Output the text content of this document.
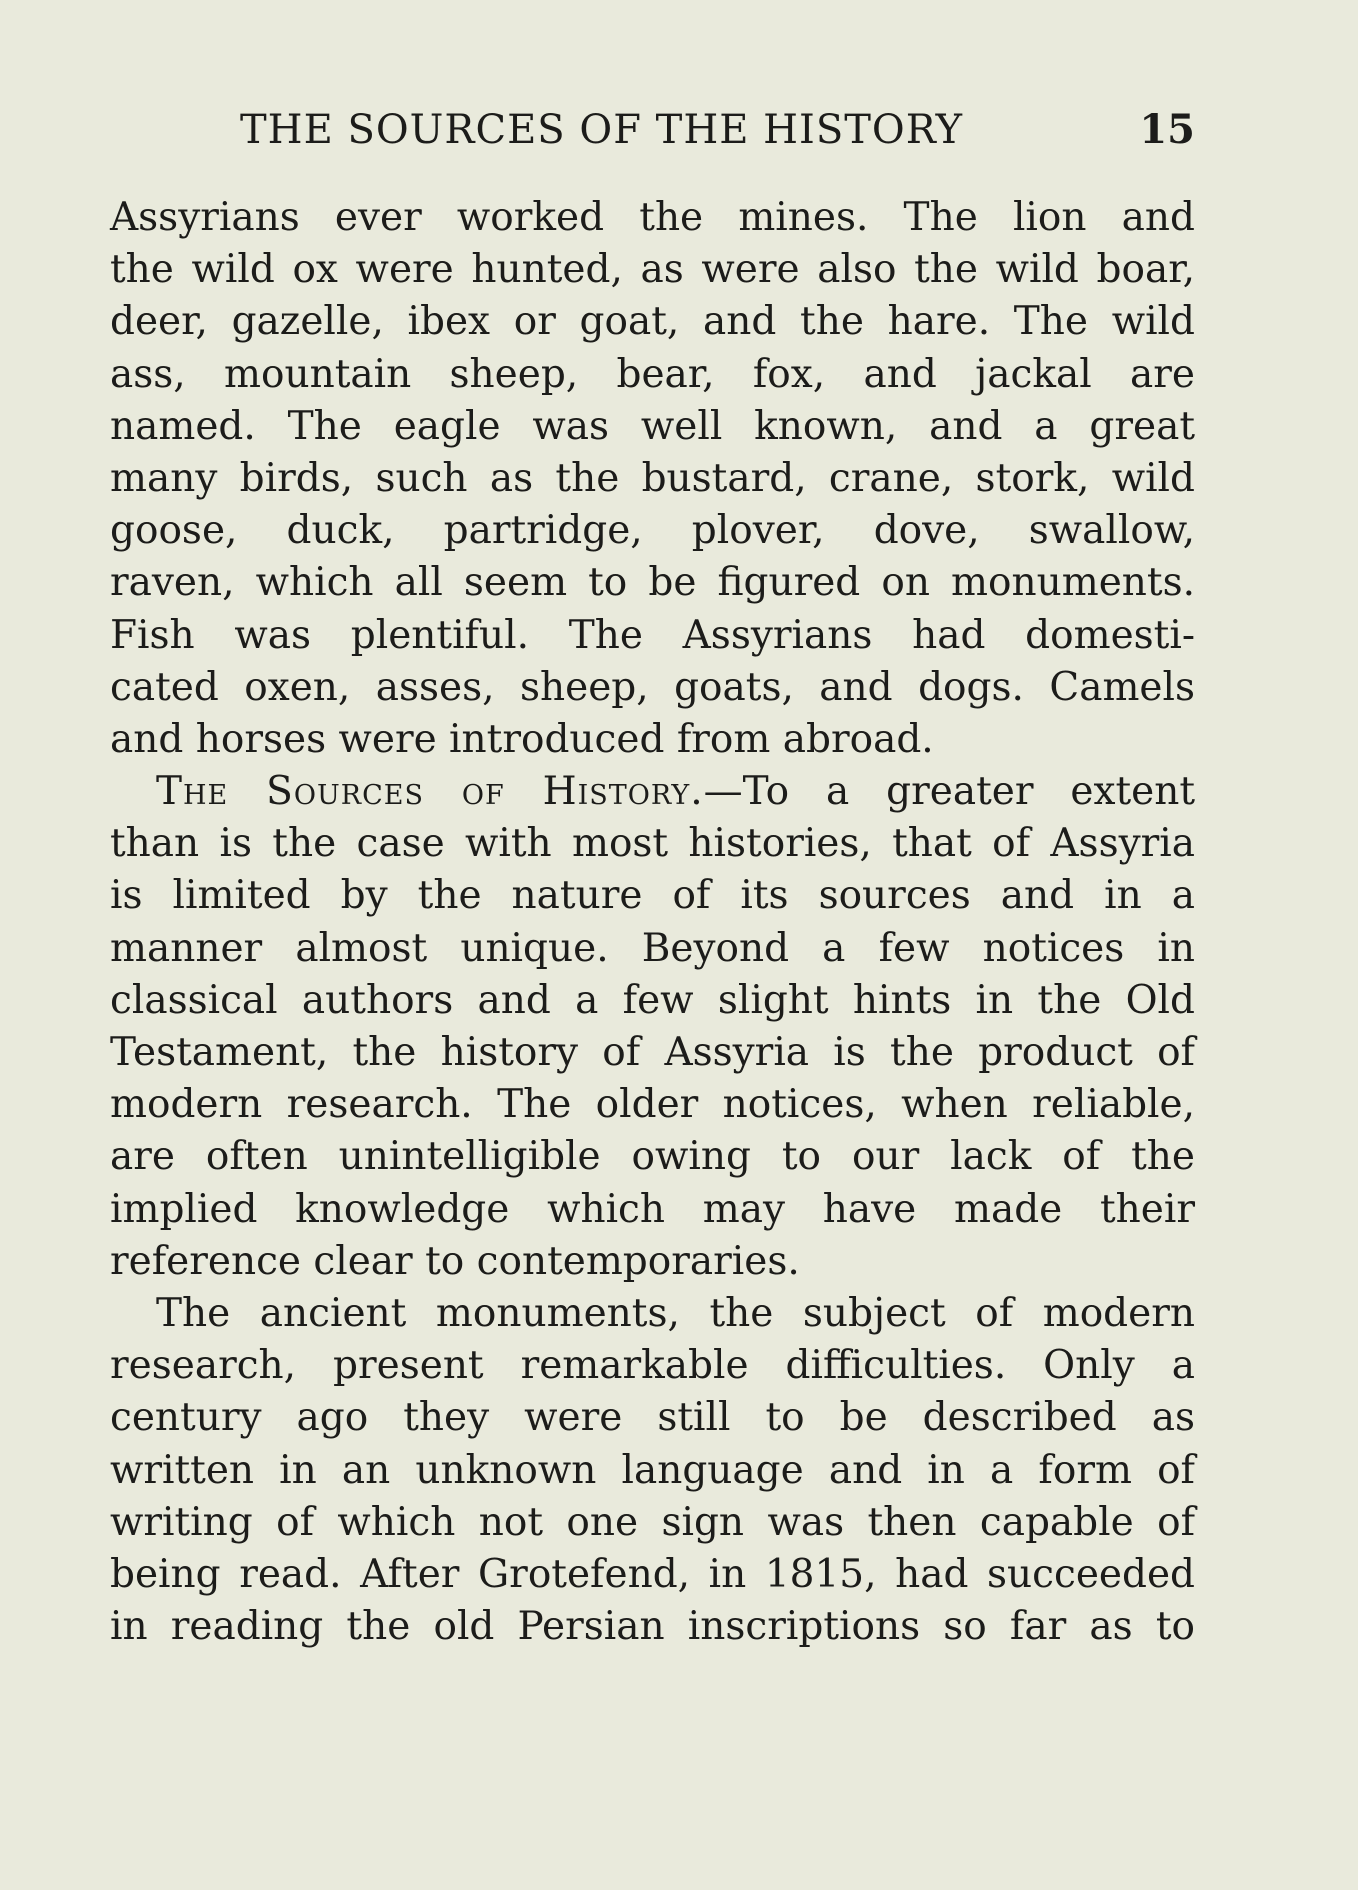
THE SOURCES OF THE HISTORY	15
Assyrians ever worked the mines. The lion and
the wild ox were hunted, as were also the wild boar,
deer, gazelle, ibex or goat, and the hare. The wild
ass, mountain sheep, bear, fox, and jackal are
named. The eagle was well known, and a great
many birds, such as the bustard, crane, stork, wild
goose, duck, partridge, plover, dove, swallow,
raven, which all seem to be figured on monuments.
Fish was plentiful. The Assyrians had domesti-
cated oxen, asses, sheep, goats, and dogs. Camels
and horses were introduced from abroad.
The Sources of History.—To a greater extent
than is the case with most histories, that of Assyria
is limited by the nature of its sources and in a
manner almost unique. Beyond a few notices in
classical authors and a few slight hints in the Old
Testament, the history of Assyria is the product of
modern research. The older notices, when reliable,
are often unintelligible owing to our lack of the
implied knowledge which may have made their
reference clear to contemporaries.
The ancient monuments, the subject of modern
research, present remarkable difficulties. Only a
century ago they were still to be described as
written in an unknown language and in a form of
writing of which not one sign was then capable of
being read. After Grotefend, in 1815, had succeeded
in reading the old Persian inscriptions so far as to
